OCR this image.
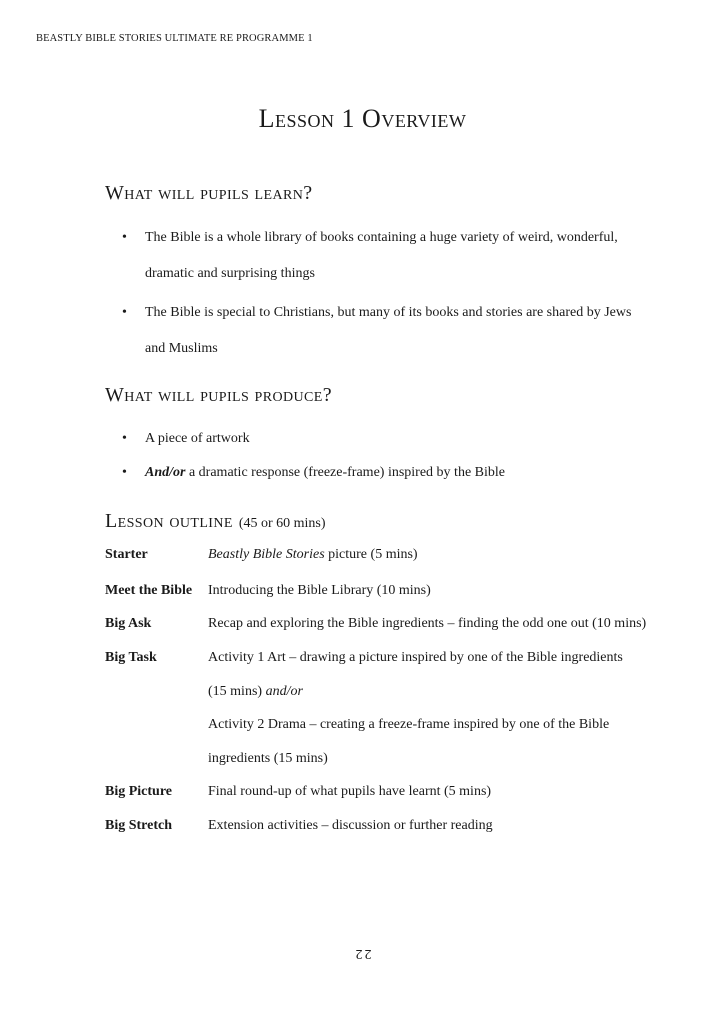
BEASTLY BIBLE STORIES ULTIMATE RE PROGRAMME 1
Lesson 1 Overview
What will pupils learn?
• The Bible is a whole library of books containing a huge variety of weird, wonderful,
dramatic and surprising things
• The Bible is special to Christians, but many of its books and stories are shared by Jews
and Muslims
What will pupils produce?
• A piece of artwork
• And/or a dramatic response (freeze-frame) inspired by the Bible
Lesson outline (45 or 60 mins)
Starter	Beastly Bible Stories picture (5 mins)
Meet the Bible	Introducing the Bible Library (10 mins)
Big Ask	Recap and exploring the Bible ingredients – finding the odd one out (10 mins)
Big Task	Activity 1 Art – drawing a picture inspired by one of the Bible ingredients
(15 mins) and/or
Activity 2 Drama – creating a freeze-frame inspired by one of the Bible
ingredients (15 mins)
Big Picture	Final round-up of what pupils have learnt (5 mins)
Big Stretch	Extension activities – discussion or further reading
22
